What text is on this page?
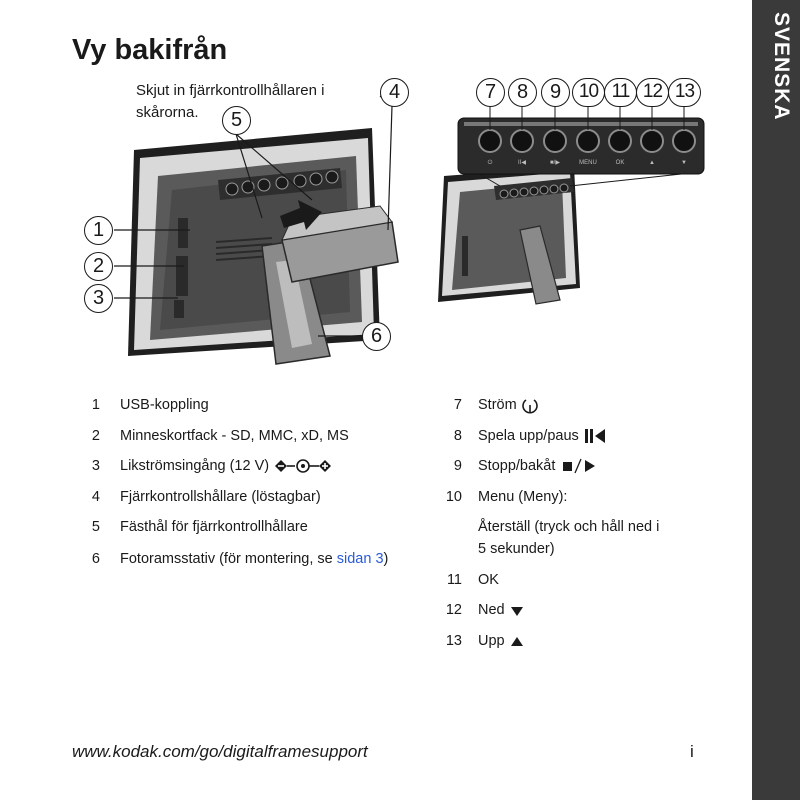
SVENSKA
Vy bakifrån

Skjut in fjärrkontrollhållaren i skårorna.

⏻	II◀	■/▶	MENU	OK	▲	▼
1
2
3
4
5
6
7	8	9 10 11 12 13
1 USB-koppling
2 Minneskortfack - SD, MMC, xD, MS
3 Likströmsingång (12 V)
4 Fjärrkontrollshållare (löstagbar)
5 Fästhål för fjärrkontrollhållare
6 Fotoramsstativ (för montering, se sidan 3)
7 Ström
8 Spela upp/paus
9 Stopp/bakåt
10 Menu (Meny):
Återställ (tryck och håll ned i
5 sekunder)
11 OK
12 Ned
13 Upp
www.kodak.com/go/digitalframesupport	i
